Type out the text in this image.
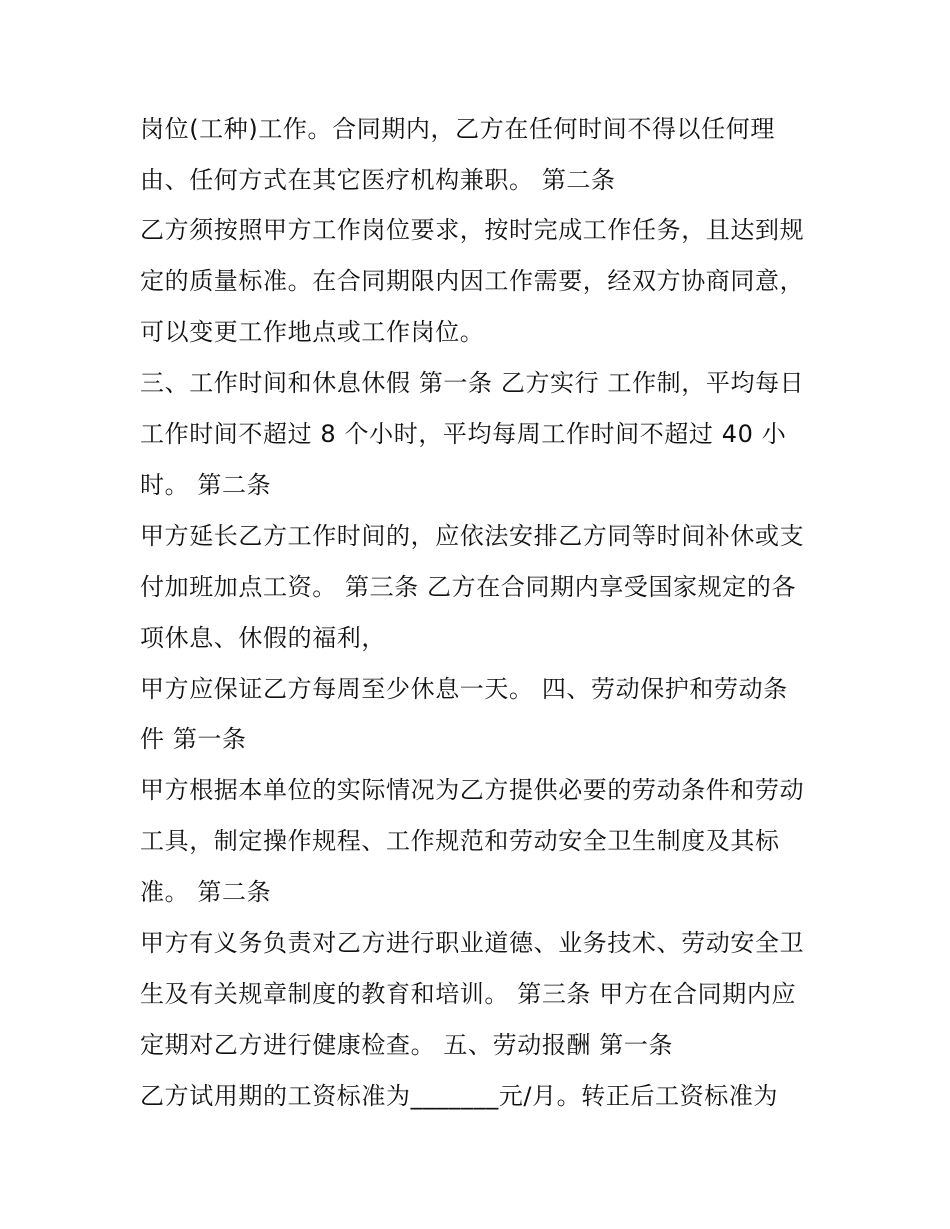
岗位(工种)工作。合同期内，乙方在任何时间不得以任何理
由、任何方式在其它医疗机构兼职。 第二条
乙方须按照甲方工作岗位要求，按时完成工作任务，且达到规
定的质量标准。在合同期限内因工作需要，经双方协商同意，
可以变更工作地点或工作岗位。
三、工作时间和休息休假 第一条 乙方实行 工作制，平均每日
工作时间不超过 8 个小时，平均每周工作时间不超过 40 小
时。 第二条
甲方延长乙方工作时间的，应依法安排乙方同等时间补休或支
付加班加点工资。 第三条 乙方在合同期内享受国家规定的各
项休息、休假的福利，
甲方应保证乙方每周至少休息一天。 四、劳动保护和劳动条
件 第一条
甲方根据本单位的实际情况为乙方提供必要的劳动条件和劳动
工具，制定操作规程、工作规范和劳动安全卫生制度及其标
准。 第二条
甲方有义务负责对乙方进行职业道德、业务技术、劳动安全卫
生及有关规章制度的教育和培训。 第三条 甲方在合同期内应
定期对乙方进行健康检查。 五、劳动报酬 第一条
乙方试用期的工资标准为_______元/月。转正后工资标准为
